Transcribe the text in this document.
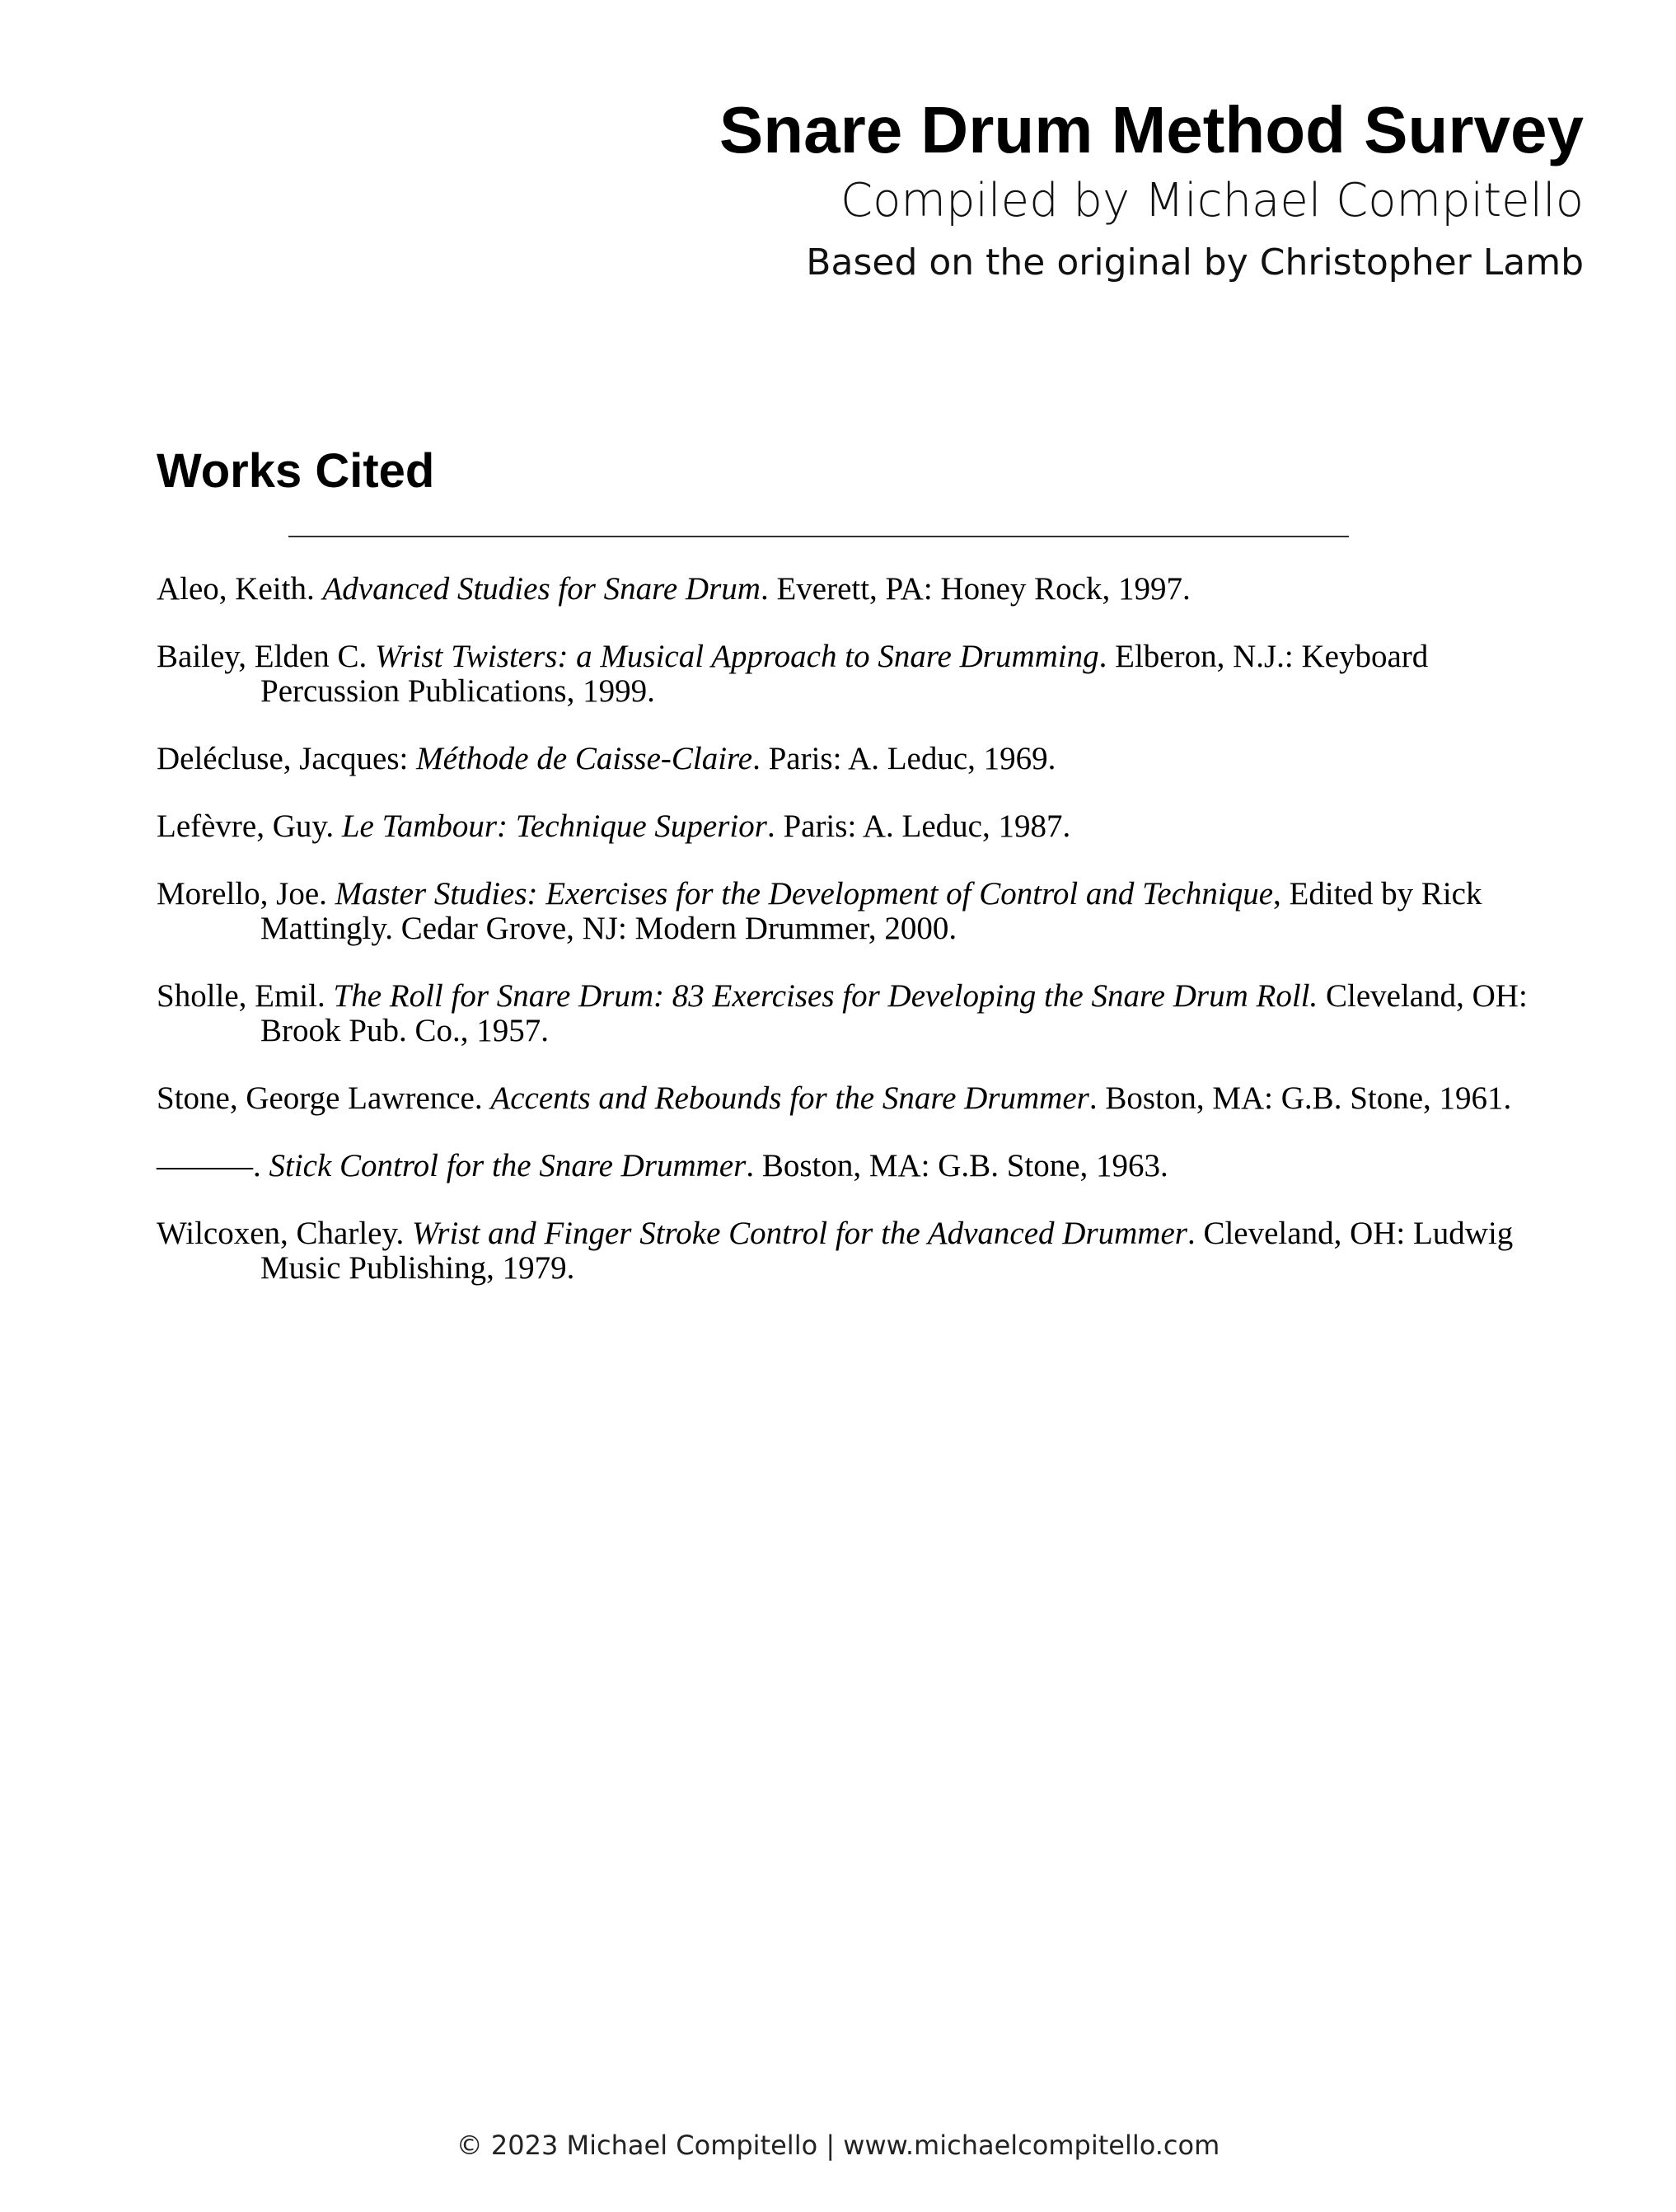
Snare Drum Method Survey
Compiled by Michael Compitello
Based on the original by Christopher Lamb
Works Cited

Aleo, Keith. Advanced Studies for Snare Drum. Everett, PA: Honey Rock, 1997.

Bailey, Elden C. Wrist Twisters: a Musical Approach to Snare Drumming. Elberon, N.J.: Keyboard Percussion Publications, 1999.

Delécluse, Jacques: Méthode de Caisse-Claire. Paris: A. Leduc, 1969.

Lefèvre, Guy. Le Tambour: Technique Superior. Paris: A. Leduc, 1987.

Morello, Joe. Master Studies: Exercises for the Development of Control and Technique, Edited by Rick Mattingly. Cedar Grove, NJ: Modern Drummer, 2000.

Sholle, Emil. The Roll for Snare Drum: 83 Exercises for Developing the Snare Drum Roll. Cleveland, OH: Brook Pub. Co., 1957.

Stone, George Lawrence. Accents and Rebounds for the Snare Drummer. Boston, MA: G.B. Stone, 1961.

———. Stick Control for the Snare Drummer. Boston, MA: G.B. Stone, 1963.

Wilcoxen, Charley. Wrist and Finger Stroke Control for the Advanced Drummer. Cleveland, OH: Ludwig Music Publishing, 1979.

© 2023 Michael Compitello | www.michaelcompitello.com
